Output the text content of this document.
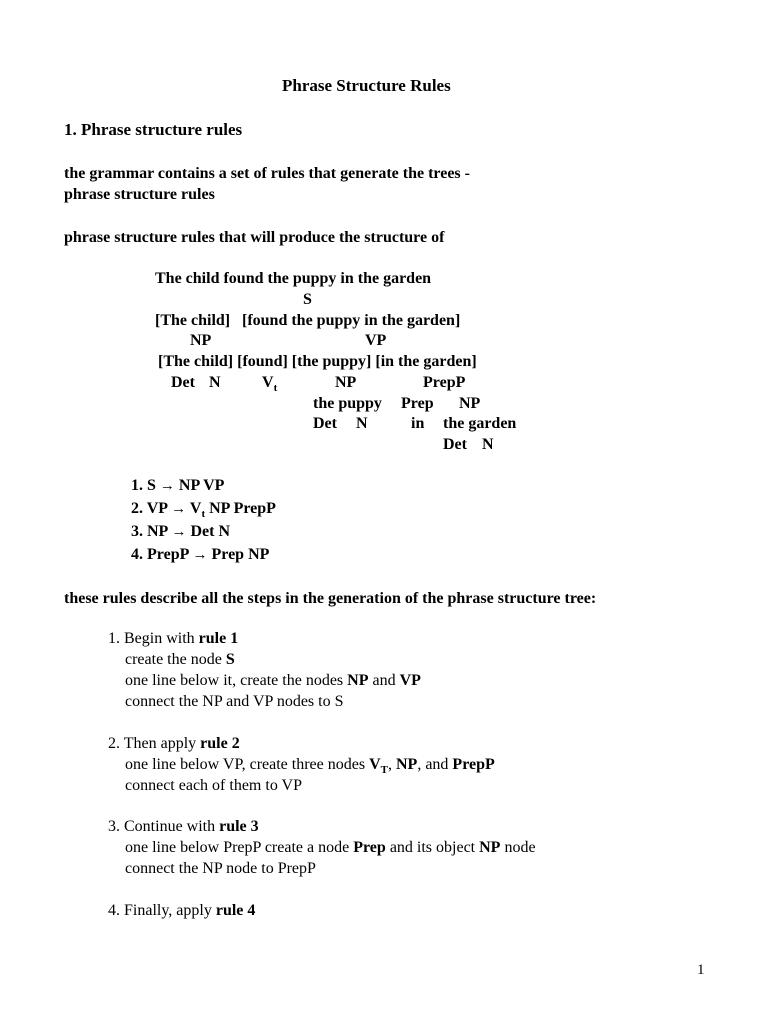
Phrase Structure Rules
1. Phrase structure rules
the grammar contains a set of rules that generate the trees -
phrase structure rules
phrase structure rules that will produce the structure of
The child found the puppy in the garden
S
[The child] [found the puppy in the garden]
NP	VP
[The child] [found] [the puppy] [in the garden]
Det N	$V_t$	NP	PrepP
the puppy Prep NP
Det N	in the garden
Det N
1. S → NP VP
2. VP → $V_t$ NP PrepP
3. NP → Det N
4. PrepP → Prep NP
these rules describe all the steps in the generation of the phrase structure tree:
1. Begin with rule 1
create the node S
one line below it, create the nodes NP and VP
connect the NP and VP nodes to S
2. Then apply rule 2
one line below VP, create three nodes $V_T$, NP, and PrepP
connect each of them to VP
3. Continue with rule 3
one line below PrepP create a node Prep and its object NP node
connect the NP node to PrepP
4. Finally, apply rule 4
1
